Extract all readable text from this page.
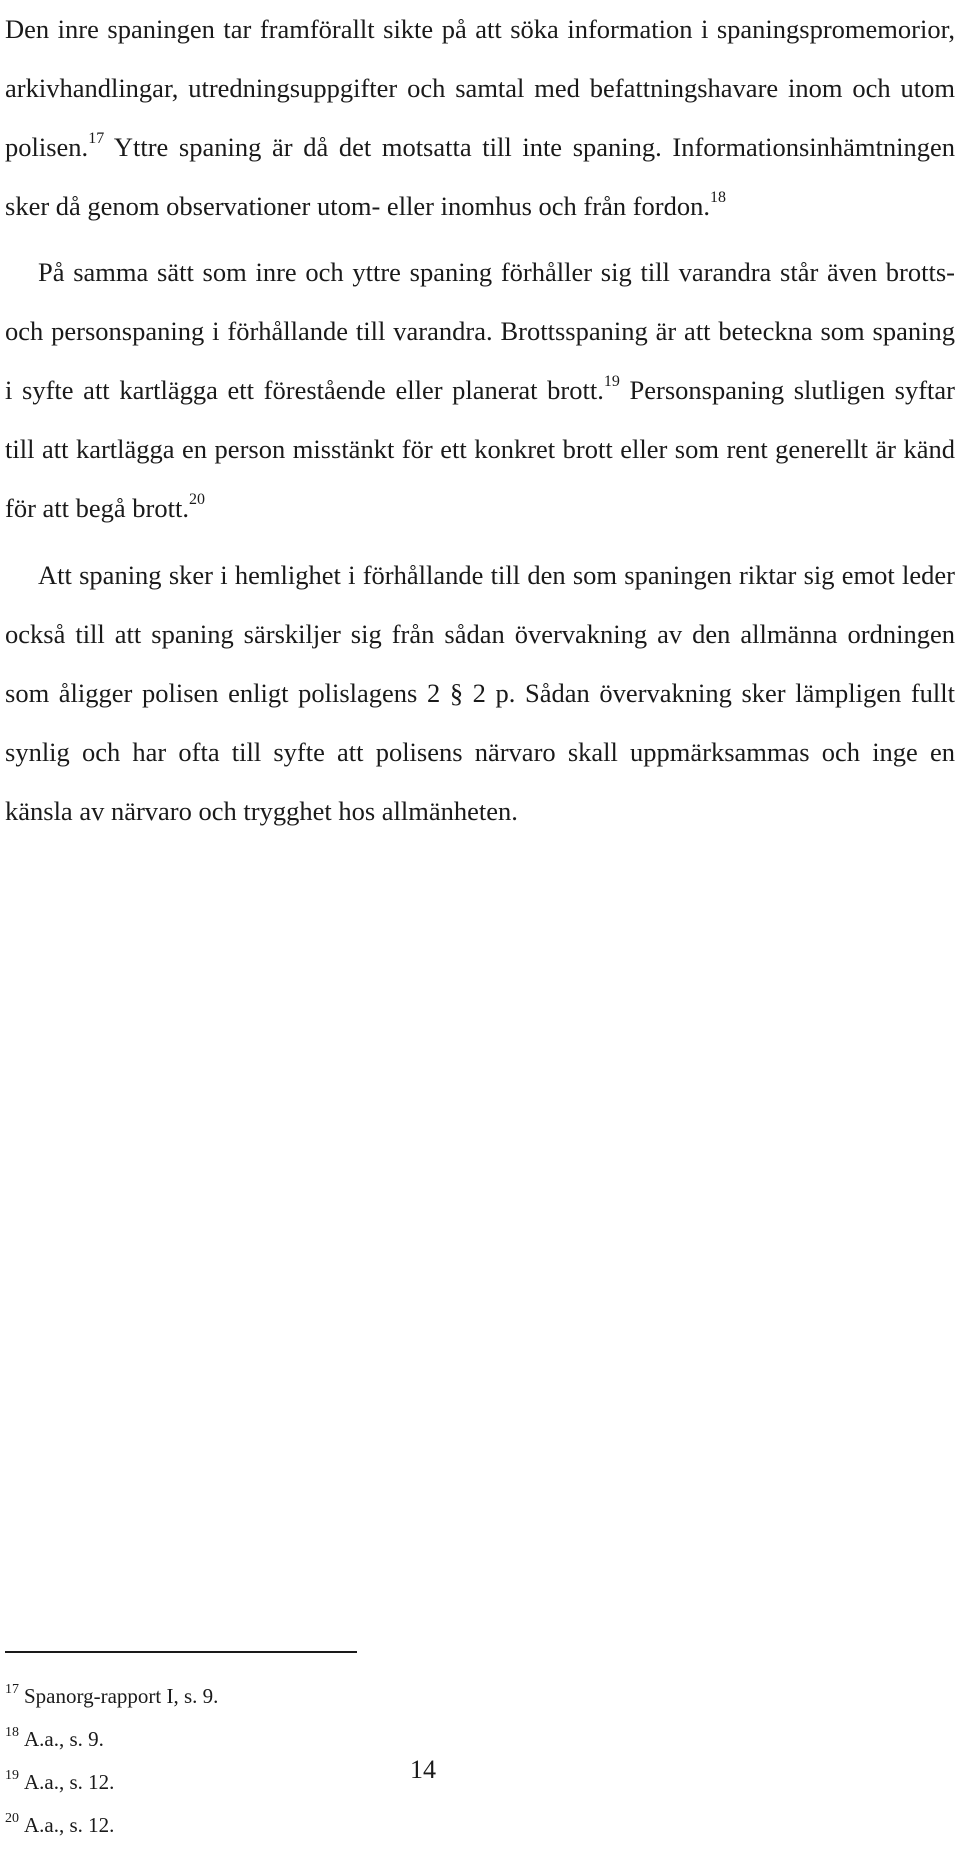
Den inre spaningen tar framförallt sikte på att söka information i spaningspromemorior, arkivhandlingar, utredningsuppgifter och samtal med befattningshavare inom och utom polisen.$^{17}$ Yttre spaning är då det motsatta till inte spaning. Informationsinhämtningen sker då genom observationer utom- eller inomhus och från fordon.$^{18}$

På samma sätt som inre och yttre spaning förhåller sig till varandra står även brotts- och personspaning i förhållande till varandra. Brottsspaning är att beteckna som spaning i syfte att kartlägga ett förestående eller planerat brott.$^{19}$ Personspaning slutligen syftar till att kartlägga en person misstänkt för ett konkret brott eller som rent generellt är känd för att begå brott.$^{20}$

Att spaning sker i hemlighet i förhållande till den som spaningen riktar sig emot leder också till att spaning särskiljer sig från sådan övervakning av den allmänna ordningen som åligger polisen enligt polislagens 2 § 2 p. Sådan övervakning sker lämpligen fullt synlig och har ofta till syfte att polisens närvaro skall uppmärksammas och inge en känsla av närvaro och trygghet hos allmänheten.

$^{17}$ Spanorg-rapport I, s. 9.
$^{18}$ A.a., s. 9.
$^{19}$ A.a., s. 12.
$^{20}$ A.a., s. 12.
14
